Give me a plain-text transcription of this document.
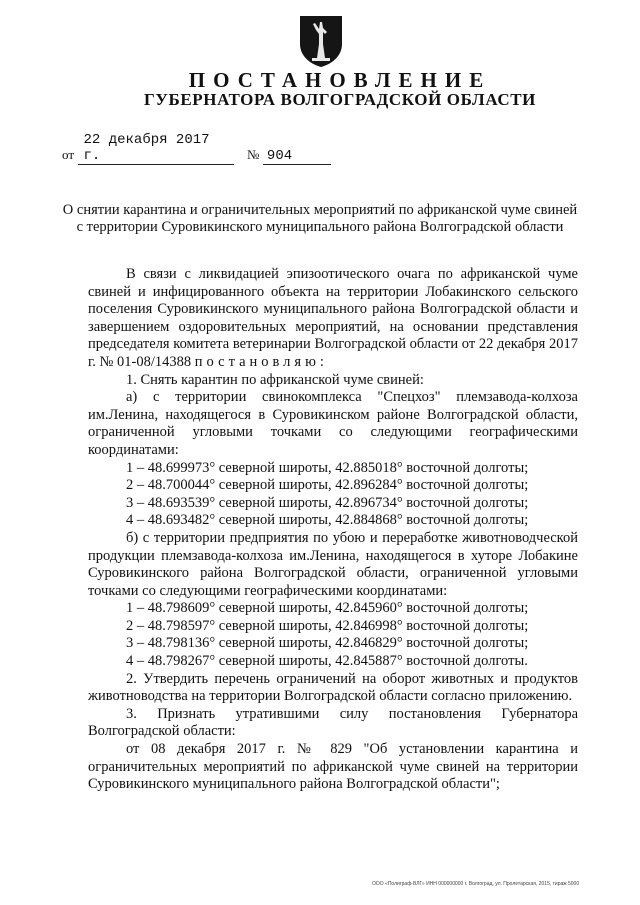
ПОСТАНОВЛЕНИЕ
ГУБЕРНАТОРА ВОЛГОГРАДСКОЙ ОБЛАСТИ
от 22 декабря 2017 г.	№ 904
О снятии карантина и ограничительных мероприятий по африканской чуме свиней с территории Суровикинского муниципального района Волгоградской области

В связи с ликвидацией эпизоотического очага по африканской чуме свиней и инфицированного объекта на территории Лобакинского сельского поселения Суровикинского муниципального района Волгоградской области и завершением оздоровительных мероприятий, на основании представления председателя комитета ветеринарии Волгоградской области от 22 декабря 2017 г. № 01-08/14388 постановляю:

1. Снять карантин по африканской чуме свиней:

а) с территории свинокомплекса "Спецхоз" племзавода-колхоза им.Ленина, находящегося в Суровикинском районе Волгоградской области, ограниченной угловыми точками со следующими географическими координатами:

1 – 48.699973° северной широты, 42.885018° восточной долготы;

2 – 48.700044° северной широты, 42.896284° восточной долготы;

3 – 48.693539° северной широты, 42.896734° восточной долготы;

4 – 48.693482° северной широты, 42.884868° восточной долготы;

б) с территории предприятия по убою и переработке животноводческой продукции племзавода-колхоза им.Ленина, находящегося в хуторе Лобакине Суровикинского района Волгоградской области, ограниченной угловыми точками со следующими географическими координатами:

1 – 48.798609° северной широты, 42.845960° восточной долготы;

2 – 48.798597° северной широты, 42.846998° восточной долготы;

3 – 48.798136° северной широты, 42.846829° восточной долготы;

4 – 48.798267° северной широты, 42.845887° восточной долготы.

2. Утвердить перечень ограничений на оборот животных и продуктов животноводства на территории Волгоградской области согласно приложению.

3. Признать утратившими силу постановления Губернатора Волгоградской области:

от 08 декабря 2017 г. № 829 "Об установлении карантина и ограничительных мероприятий по африканской чуме свиней на территории Суровикинского муниципального района Волгоградской области";

ООО «Полиграф-ВЛГ» ИНН 000000000 г. Волгоград, ул. Пролетарская, 2015, тираж 5000
